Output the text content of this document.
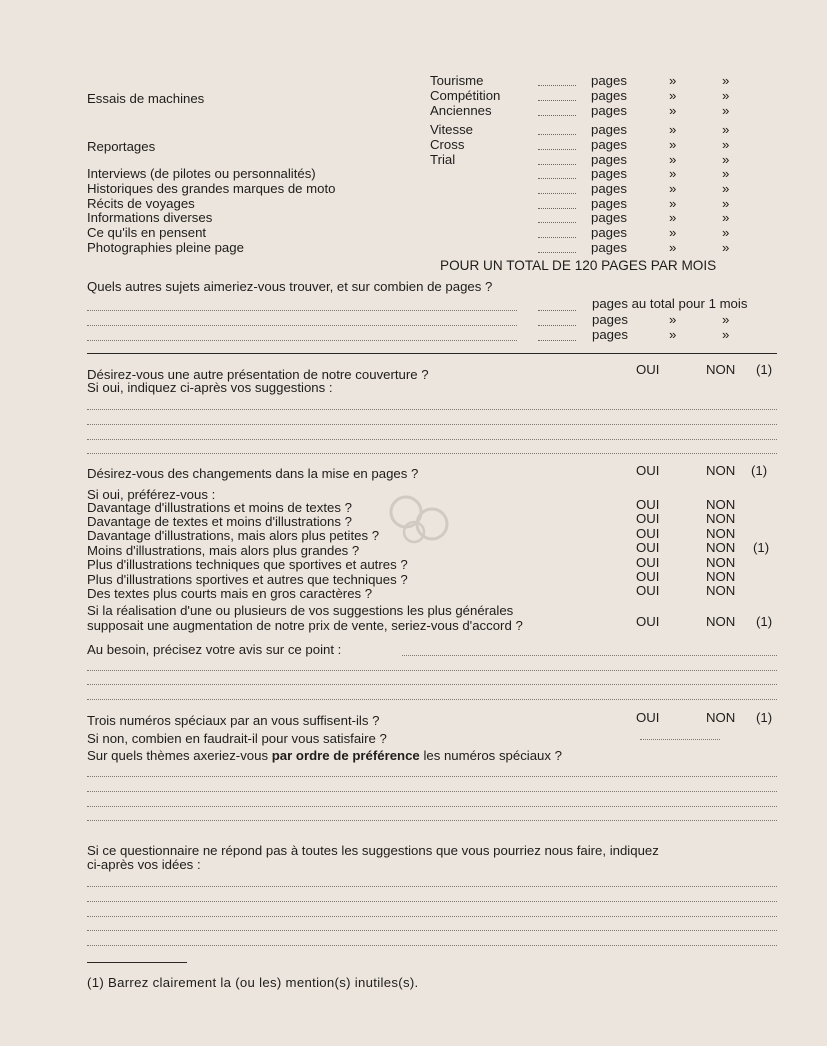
Essais de machines
Tourisme	pages	»	»
Compétition	pages	»	»
Anciennes	pages	»	»
Reportages
Vitesse	pages	»	»
Cross	pages	»	»
Trial	pages	»	»
Interviews (de pilotes ou personnalités)	pages	»	»
Historiques des grandes marques de moto	pages	»	»
Récits de voyages	pages	»	»
Informations diverses	pages	»	»
Ce qu'ils en pensent	pages	»	»
Photographies pleine page	pages	»	»
POUR UN TOTAL DE 120 PAGES PAR MOIS
Quels autres sujets aimeriez-vous trouver, et sur combien de pages ?
pages au total pour 1 mois
pages	»	»
pages	»	»
Désirez-vous une autre présentation de notre couverture ?	OUI	NON (1)
Si oui, indiquez ci-après vos suggestions :
Désirez-vous des changements dans la mise en pages ?	OUI	NON (1)
Si oui, préférez-vous :
Davantage d'illustrations et moins de textes ?	OUI	NON
Davantage de textes et moins d'illustrations ?	OUI	NON
Davantage d'illustrations, mais alors plus petites ?	OUI	NON
Moins d'illustrations, mais alors plus grandes ?	OUI	NON (1)
Plus d'illustrations techniques que sportives et autres ?	OUI	NON
Plus d'illustrations sportives et autres que techniques ?	OUI	NON
Des textes plus courts mais en gros caractères ?	OUI	NON
Si la réalisation d'une ou plusieurs de vos suggestions les plus générales
supposait une augmentation de notre prix de vente, seriez-vous d'accord ?	OUI	NON (1)
Au besoin, précisez votre avis sur ce point :
Trois numéros spéciaux par an vous suffisent-ils ?	OUI	NON (1)
Si non, combien en faudrait-il pour vous satisfaire ?
Sur quels thèmes axeriez-vous par ordre de préférence les numéros spéciaux ?
Si ce questionnaire ne répond pas à toutes les suggestions que vous pourriez nous faire, indiquez
ci-après vos idées :
(1) Barrez clairement la (ou les) mention(s) inutiles(s).
